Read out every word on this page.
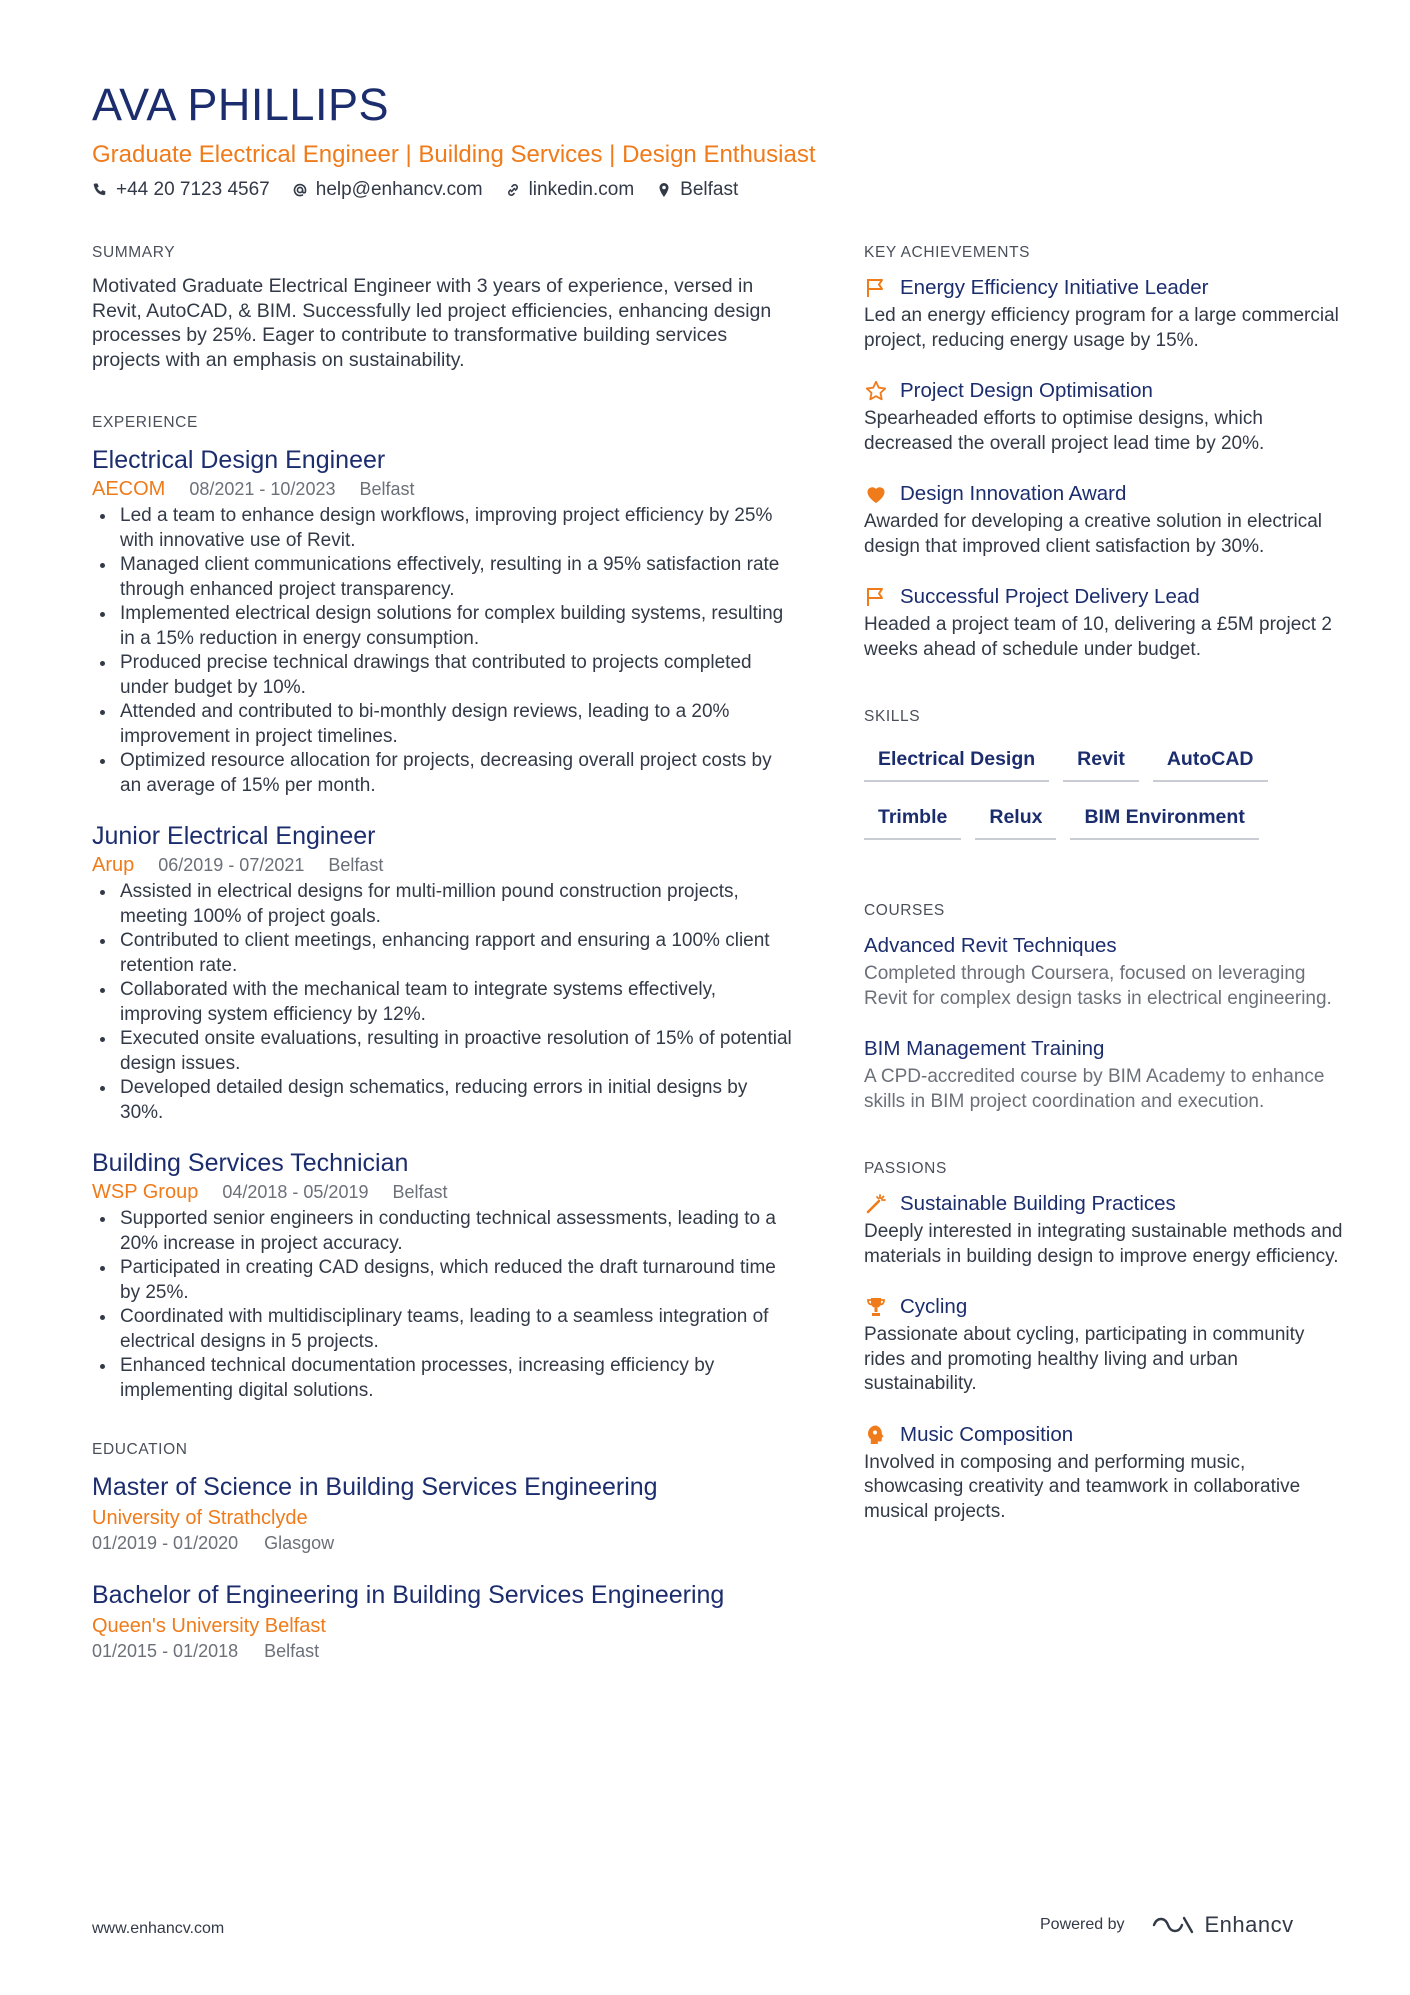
AVA PHILLIPS
Graduate Electrical Engineer | Building Services | Design Enthusiast
+44 20 7123 4567 help@enhancv.com linkedin.com Belfast
SUMMARY
Motivated Graduate Electrical Engineer with 3 years of experience, versed in Revit, AutoCAD, & BIM. Successfully led project efficiencies, enhancing design processes by 25%. Eager to contribute to transformative building services projects with an emphasis on sustainability.
EXPERIENCE
Electrical Design Engineer
AECOM 08/2021 - 10/2023 Belfast
Led a team to enhance design workflows, improving project efficiency by 25% with innovative use of Revit.
Managed client communications effectively, resulting in a 95% satisfaction rate through enhanced project transparency.
Implemented electrical design solutions for complex building systems, resulting in a 15% reduction in energy consumption.
Produced precise technical drawings that contributed to projects completed under budget by 10%.
Attended and contributed to bi-monthly design reviews, leading to a 20% improvement in project timelines.
Optimized resource allocation for projects, decreasing overall project costs by an average of 15% per month.
Junior Electrical Engineer
Arup 06/2019 - 07/2021 Belfast
Assisted in electrical designs for multi-million pound construction projects, meeting 100% of project goals.
Contributed to client meetings, enhancing rapport and ensuring a 100% client retention rate.
Collaborated with the mechanical team to integrate systems effectively, improving system efficiency by 12%.
Executed onsite evaluations, resulting in proactive resolution of 15% of potential design issues.
Developed detailed design schematics, reducing errors in initial designs by 30%.
Building Services Technician
WSP Group 04/2018 - 05/2019 Belfast
Supported senior engineers in conducting technical assessments, leading to a 20% increase in project accuracy.
Participated in creating CAD designs, which reduced the draft turnaround time by 25%.
Coordinated with multidisciplinary teams, leading to a seamless integration of electrical designs in 5 projects.
Enhanced technical documentation processes, increasing efficiency by implementing digital solutions.
EDUCATION
Master of Science in Building Services Engineering
University of Strathclyde
01/2019 - 01/2020 Glasgow
Bachelor of Engineering in Building Services Engineering
Queen's University Belfast
01/2015 - 01/2018 Belfast
KEY ACHIEVEMENTS
Energy Efficiency Initiative Leader
Led an energy efficiency program for a large commercial project, reducing energy usage by 15%.
Project Design Optimisation
Spearheaded efforts to optimise designs, which decreased the overall project lead time by 20%.
Design Innovation Award
Awarded for developing a creative solution in electrical design that improved client satisfaction by 30%.
Successful Project Delivery Lead
Headed a project team of 10, delivering a £5M project 2 weeks ahead of schedule under budget.
SKILLS
Electrical Design	Revit	AutoCAD
Trimble	Relux	BIM Environment
COURSES
Advanced Revit Techniques
Completed through Coursera, focused on leveraging Revit for complex design tasks in electrical engineering.
BIM Management Training
A CPD-accredited course by BIM Academy to enhance skills in BIM project coordination and execution.
PASSIONS
Sustainable Building Practices
Deeply interested in integrating sustainable methods and materials in building design to improve energy efficiency.
Cycling
Passionate about cycling, participating in community rides and promoting healthy living and urban sustainability.
Music Composition
Involved in composing and performing music, showcasing creativity and teamwork in collaborative musical projects.
www.enhancv.com	Powered by	Enhancv
